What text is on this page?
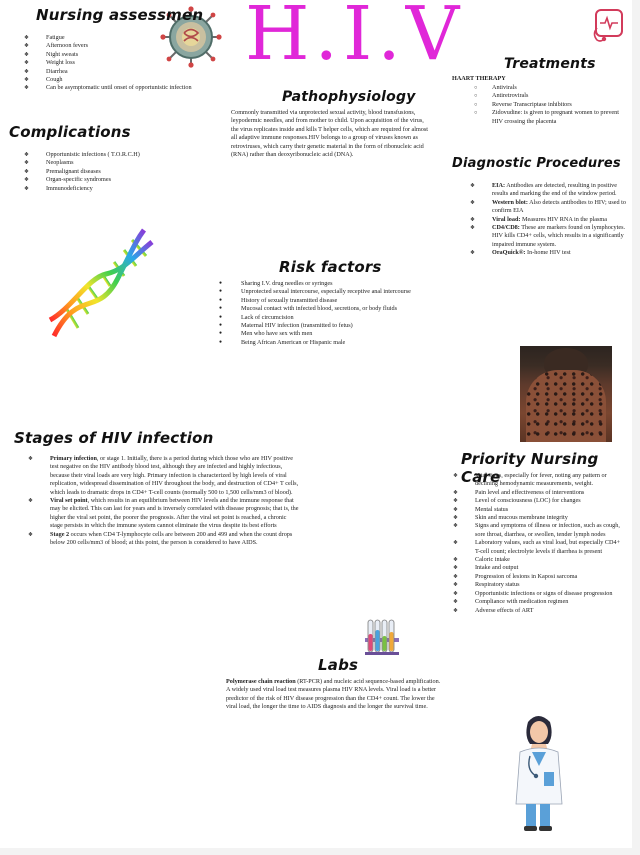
H.I.V
Nursing assessmen
❖ Fatigue
❖ Afternoon fevers
❖ Night sweats
❖ Weight loss
❖ Diarrhea
❖ Cough
❖ Can be asymptomatic until onset of opportunistic infection
Treatments
HAART THERAPY
○ Antivirals
○ Antiretrovirals
○ Reverse Transcriptase inhibitors
○ Zidovudine: is given to pregnant women to prevent HIV crossing the placenta
Pathophysiology
Commonly transmitted via unprotected sexual activity, blood transfusions, leypodermic needles, and from mother to child. Upon acquisition of the virus, the virus replicates inside and kills T helper cells, which are required for almost all adaptive immune responses.HIV belongs to a group of viruses known as retroviruses, which carry their genetic material in the form of ribonucleic acid (RNA) rather than deoxyribonucleic acid (DNA).
Complications
❖ Opportunistic infections ( T.O.R.C.H)
❖ Neoplasms
❖ Premalignant diseases
❖ Organ-specific syndromes
❖ Immunodeficiency
Diagnostic Procedures
❖ EIA: Antibodies are detected, resulting in positive results and marking the end of the window period.
❖ Western blot: Also detects antibodies to HIV; used to confirm EIA
❖ Viral load: Measures HIV RNA in the plasma
❖ CD4/CD8: These are markers found on lymphocytes. HIV kills CD4+ cells, which results in a significantly impaired immune system.
❖ OraQuick®: In-home HIV test
Risk factors
● Sharing I.V. drug needles or syringes
● Unprotected sexual intercourse, especially receptive anal intercourse
● History of sexually transmitted disease
● Mucosal contact with infected blood, secretions, or body fluids
● Lack of circumcision
● Maternal HIV infection (transmitted to fetus)
● Men who have sex with men
● Being African American or Hispanic male
Stages of HIV infection
❖ Primary infection, or stage 1. Initially, there is a period during which those who are HIV positive test negative on the HIV antibody blood test, although they are infected and highly infectious, because their viral loads are very high. Primary infection is characterized by high levels of viral replication, widespread dissemination of HIV throughout the body, and destruction of CD4+ T cells, which leads to dramatic drops in CD4+ T-cell counts (normally 500 to 1,500 cells/mm3 of blood).
❖ Viral set point, which results in an equilibrium between HIV levels and the immune response that may be elicited. This can last for years and is inversely correlated with disease prognosis; that is, the higher the viral set point, the poorer the prognosis. After the viral set point is reached, a chronic stage persists in which the immune system cannot eliminate the virus despite its best efforts
❖ Stage 2 occurs when CD4 T-lymphocyte cells are between 200 and 499 and when the count drops below 200 cells/mm3 of blood; at this point, the person is considered to have AIDS.
Priority Nursing Care
❖ Vital signs, especially for fever, noting any pattern or declining hemodynamic measurements, weight.
❖ Pain level and effectiveness of interventions
❖ Level of consciousness (LOC) for changes
❖ Mental status
❖ Skin and mucous membrane integrity
❖ Signs and symptoms of illness or infection, such as cough, sore throat, diarrhea, or swollen, tender lymph nodes
❖ Laboratory values, such as viral load, but especially CD4+ T-cell count; electrolyte levels if diarrhea is present
❖ Caloric intake
❖ Intake and output
❖ Progression of lesions in Kaposi sarcoma
❖ Respiratory status
❖ Opportunistic infections or signs of disease progression
❖ Compliance with medication regimen
❖ Adverse effects of ART
Labs
Polymerase chain reaction (RT-PCR) and nucleic acid sequence-based amplification. A widely used viral load test measures plasma HIV RNA levels. Viral load is a better predictor of the risk of HIV disease progression than the CD4+ count. The lower the viral load, the longer the time to AIDS diagnosis and the longer the survival time.
